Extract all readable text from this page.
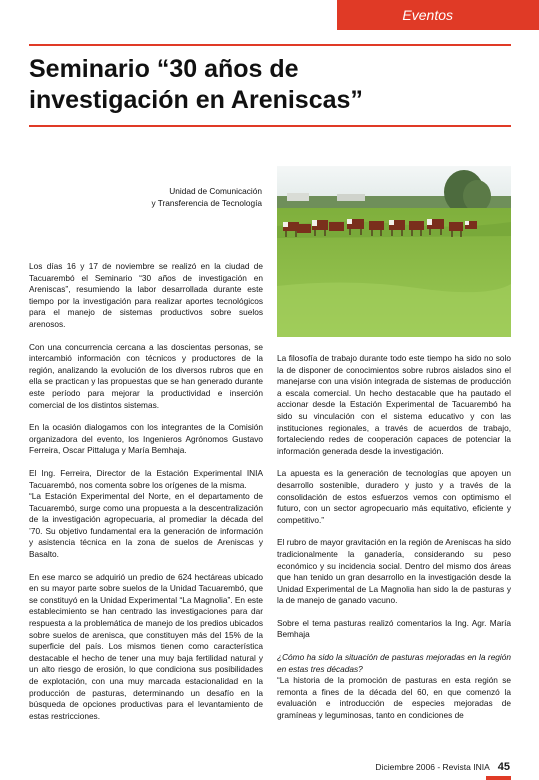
Eventos
Seminario “30 años de
investigación en Areniscas”
Unidad de Comunicación
y Transferencia de Tecnología

Los días 16 y 17 de noviembre se realizó en la ciudad de Tacuarembó el Seminario “30 años de investigación en Areniscas”, resumiendo la labor desarrollada durante este tiempo por la investigación para realizar aportes tecnológicos para el manejo de sistemas productivos sobre suelos arenosos.

Con una concurrencia cercana a las doscientas personas, se intercambió información con técnicos y productores de la región, analizando la evolución de los diversos rubros que en ella se practican y las propuestas que se han generado durante este período para mejorar la productividad e inserción comercial de los distintos sistemas.

En la ocasión dialogamos con los integrantes de la Comisión organizadora del evento, los Ingenieros Agrónomos Gustavo Ferreira, Oscar Pittaluga y María Bemhaja.

El Ing. Ferreira, Director de la Estación Experimental INIA Tacuarembó, nos comenta sobre los orígenes de la misma.

“La Estación Experimental del Norte, en el departamento de Tacuarembó, surge como una propuesta a la descentralización de la investigación agropecuaria, al promediar la década del ’70. Su objetivo fundamental era la generación de información y asistencia técnica en la zona de suelos de Areniscas y Basalto.

En ese marco se adquirió un predio de 624 hectáreas ubicado en su mayor parte sobre suelos de la Unidad Tacuarembó, que se constituyó en la Unidad Experimental “La Magnolia”. En este establecimiento se han centrado las investigaciones para dar respuesta a la problemática de manejo de los predios ubicados sobre suelos de arenisca, que constituyen más del 15% de la superficie del país. Los mismos tienen como característica destacable el hecho de tener una muy baja fertilidad natural y un alto riesgo de erosión, lo que condiciona sus posibilidades de explotación, con una muy marcada estacionalidad en la producción de pasturas, determinando un desafío en la búsqueda de opciones productivas para el levantamiento de estas restricciones.

La filosofía de trabajo durante todo este tiempo ha sido no solo la de disponer de conocimientos sobre rubros aislados sino el manejarse con una visión integrada de sistemas de producción a escala comercial. Un hecho destacable que ha pautado el accionar desde la Estación Experimental de Tacuarembó ha sido su vinculación con el sistema educativo y con las instituciones regionales, a través de acuerdos de trabajo, fortaleciendo redes de cooperación capaces de potenciar la información generada desde la investigación.

La apuesta es la generación de tecnologías que apoyen un desarrollo sostenible, duradero y justo y a través de la consolidación de estos esfuerzos vemos con optimismo el futuro, con un sector agropecuario más equitativo, eficiente y competitivo.”

El rubro de mayor gravitación en la región de Areniscas ha sido tradicionalmente la ganadería, considerando su peso económico y su incidencia social. Dentro del mismo dos áreas que han tenido un gran desarrollo en la investigación desde la Unidad Experimental de La Magnolia han sido la de pasturas y la de manejo de ganado vacuno.

Sobre el tema pasturas realizó comentarios la Ing. Agr. María Bemhaja

¿Cómo ha sido la situación de pasturas mejoradas en la región en estas tres décadas?

“La historia de la promoción de pasturas en esta región se remonta a fines de la década del 60, en que comenzó la evaluación e introducción de especies mejoradas de gramíneas y leguminosas, tanto en condiciones de

Diciembre 2006 - Revista INIA 45
